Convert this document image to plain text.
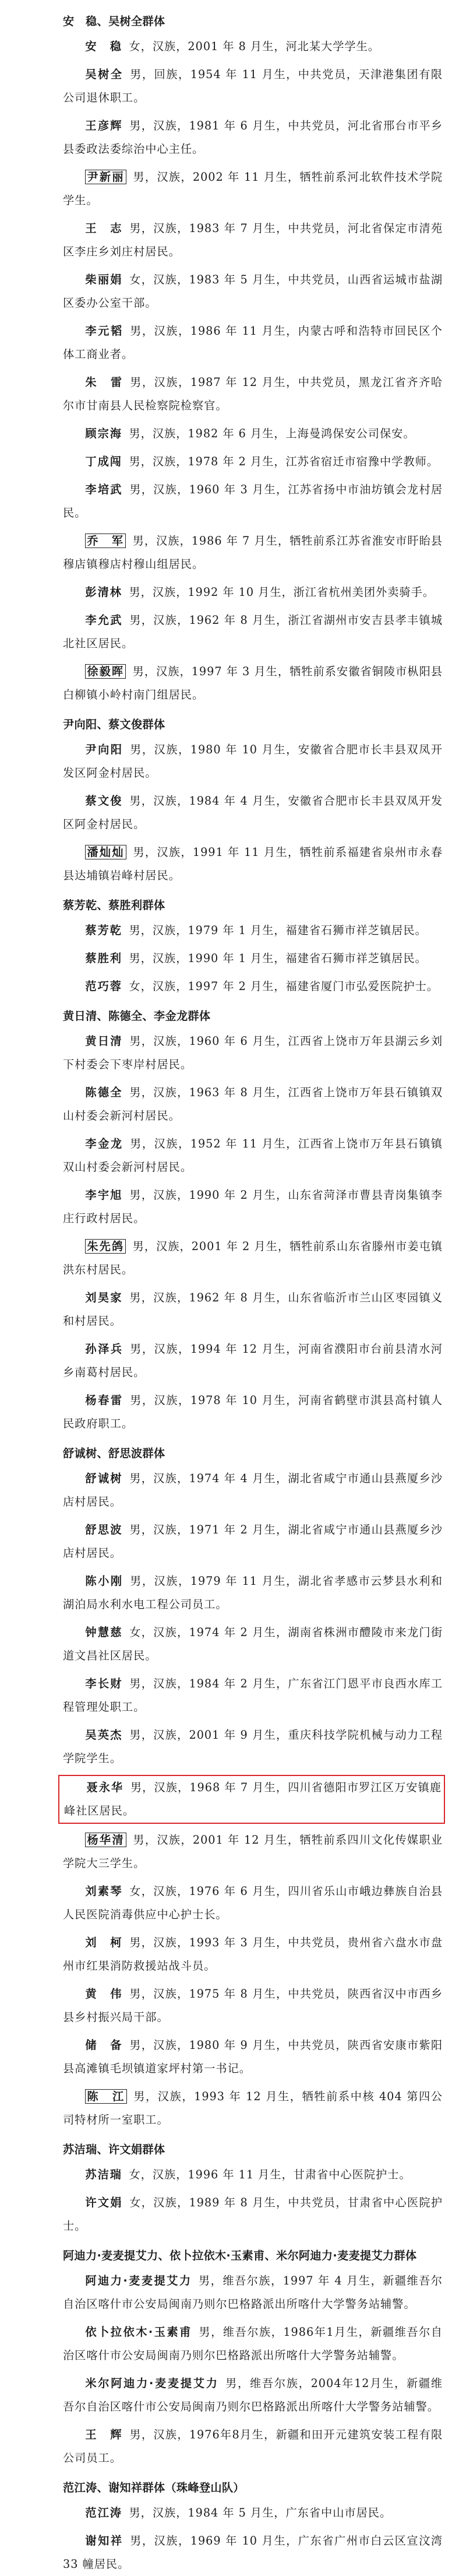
安　稳、吴树全群体

安　稳 女，汉族，2001 年 8 月生，河北某大学学生。

吴树全 男，回族，1954 年 11 月生，中共党员，天津港集团有限公司退休职工。

王彦辉 男，汉族，1981 年 6 月生，中共党员，河北省邢台市平乡县委政法委综治中心主任。

尹新丽 男，汉族，2002 年 11 月生，牺牲前系河北软件技术学院学生。

王　志 男，汉族，1983 年 7 月生，中共党员，河北省保定市清苑区李庄乡刘庄村居民。

柴丽娟 女，汉族，1983 年 5 月生，中共党员，山西省运城市盐湖区委办公室干部。

李元韬 男，汉族，1986 年 11 月生，内蒙古呼和浩特市回民区个体工商业者。

朱　雷 男，汉族，1987 年 12 月生，中共党员，黑龙江省齐齐哈尔市甘南县人民检察院检察官。

顾宗海 男，汉族，1982 年 6 月生，上海曼鸿保安公司保安。

丁成闯 男，汉族，1978 年 2 月生，江苏省宿迁市宿豫中学教师。

李培武 男，汉族，1960 年 3 月生，江苏省扬中市油坊镇会龙村居民。

乔　军 男，汉族，1986 年 7 月生，牺牲前系江苏省淮安市盱眙县穆店镇穆店村穆山组居民。

彭清林 男，汉族，1992 年 10 月生，浙江省杭州美团外卖骑手。

李允武 男，汉族，1962 年 8 月生，浙江省湖州市安吉县孝丰镇城北社区居民。

徐毅晖 男，汉族，1997 年 3 月生，牺牲前系安徽省铜陵市枞阳县白柳镇小岭村南门组居民。

尹向阳、蔡文俊群体

尹向阳 男，汉族，1980 年 10 月生，安徽省合肥市长丰县双凤开发区阿金村居民。

蔡文俊 男，汉族，1984 年 4 月生，安徽省合肥市长丰县双凤开发区阿金村居民。

潘灿灿 男，汉族，1991 年 11 月生，牺牲前系福建省泉州市永春县达埔镇岩峰村居民。

蔡芳乾、蔡胜利群体

蔡芳乾 男，汉族，1979 年 1 月生，福建省石狮市祥芝镇居民。

蔡胜利 男，汉族，1990 年 1 月生，福建省石狮市祥芝镇居民。

范巧蓉 女，汉族，1997 年 2 月生，福建省厦门市弘爱医院护士。

黄日清、陈德全、李金龙群体

黄日清 男，汉族，1960 年 6 月生，江西省上饶市万年县湖云乡刘下村委会下枣岸村居民。

陈德全 男，汉族，1963 年 8 月生，江西省上饶市万年县石镇镇双山村委会新河村居民。

李金龙 男，汉族，1952 年 11 月生，江西省上饶市万年县石镇镇双山村委会新河村居民。

李宇旭 男，汉族，1990 年 2 月生，山东省菏泽市曹县青岗集镇李庄行政村居民。

朱先鸽 男，汉族，2001 年 2 月生，牺牲前系山东省滕州市姜屯镇洪东村居民。

刘昊家 男，汉族，1962 年 8 月生，山东省临沂市兰山区枣园镇义和村居民。

孙泽兵 男，汉族，1994 年 12 月生，河南省濮阳市台前县清水河乡南葛村居民。

杨春雷 男，汉族，1978 年 10 月生，河南省鹤壁市淇县高村镇人民政府职工。

舒诚树、舒思波群体

舒诚树 男，汉族，1974 年 4 月生，湖北省咸宁市通山县燕厦乡沙店村居民。

舒思波 男，汉族，1971 年 2 月生，湖北省咸宁市通山县燕厦乡沙店村居民。

陈小刚 男，汉族，1979 年 11 月生，湖北省孝感市云梦县水利和湖泊局水利水电工程公司员工。

钟慧慈 女，汉族，1974 年 2 月生，湖南省株洲市醴陵市来龙门街道文昌社区居民。

李长财 男，汉族，1984 年 2 月生，广东省江门恩平市良西水库工程管理处职工。

吴英杰 男，汉族，2001 年 9 月生，重庆科技学院机械与动力工程学院学生。

聂永华 男，汉族，1968 年 7 月生，四川省德阳市罗江区万安镇鹿峰社区居民。

杨华清 男，汉族，2001 年 12 月生，牺牲前系四川文化传媒职业学院大三学生。

刘素琴 女，汉族，1976 年 6 月生，四川省乐山市峨边彝族自治县人民医院消毒供应中心护士长。

刘　柯 男，汉族，1993 年 3 月生，中共党员，贵州省六盘水市盘州市红果消防救援站战斗员。

黄　伟 男，汉族，1975 年 8 月生，中共党员，陕西省汉中市西乡县乡村振兴局干部。

储　备 男，汉族，1980 年 9 月生，中共党员，陕西省安康市紫阳县高滩镇毛坝镇道家坪村第一书记。

陈　江 男，汉族，1993 年 12 月生，牺牲前系中核 404 第四公司特材所一室职工。

苏洁瑞、许文娟群体

苏洁瑞 女，汉族，1996 年 11 月生，甘肃省中心医院护士。

许文娟 女，汉族，1989 年 8 月生，中共党员，甘肃省中心医院护士。

阿迪力·麦麦提艾力、依卜拉依木·玉素甫、米尔阿迪力·麦麦提艾力群体

阿迪力·麦麦提艾力 男，维吾尔族，1997 年 4 月生，新疆维吾尔自治区喀什市公安局闽南乃则尔巴格路派出所喀什大学警务站辅警。

依卜拉依木·玉素甫 男，维吾尔族，1986年1月生，新疆维吾尔自治区喀什市公安局闽南乃则尔巴格路派出所喀什大学警务站辅警。

米尔阿迪力·麦麦提艾力 男，维吾尔族，2004年12月生，新疆维吾尔自治区喀什市公安局闽南乃则尔巴格路派出所喀什大学警务站辅警。

王　辉 男，汉族，1976年8月生，新疆和田开元建筑安装工程有限公司员工。

范江涛、谢知祥群体（珠峰登山队）

范江涛 男，汉族，1984 年 5 月生，广东省中山市居民。

谢知祥 男，汉族，1969 年 10 月生，广东省广州市白云区宣汶湾 33 幢居民。
